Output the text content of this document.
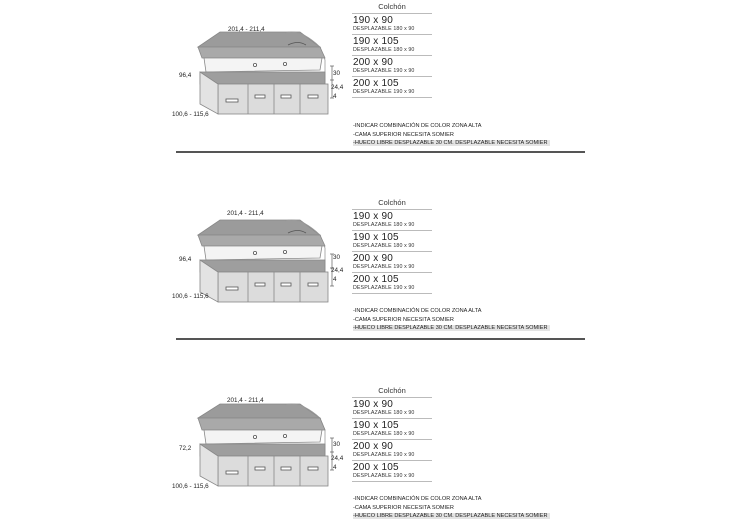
201,4 - 211,4
96,4
100,6 - 115,6
30
24,4
4
Colchón
190 x 90
DESPLAZABLE 180 x 90
190 x 105
DESPLAZABLE 180 x 90
200 x 90
DESPLAZABLE 190 x 90
200 x 105
DESPLAZABLE 190 x 90
-INDICAR COMBINACIÓN DE COLOR ZONA ALTA
-CAMA SUPERIOR NECESITA SOMIER
-HUECO LIBRE DESPLAZABLE 30 CM. DESPLAZABLE NECESITA SOMIER
201,4 - 211,4
96,4
100,6 - 115,6
30
24,4
4
Colchón
190 x 90
DESPLAZABLE 180 x 90
190 x 105
DESPLAZABLE 180 x 90
200 x 90
DESPLAZABLE 190 x 90
200 x 105
DESPLAZABLE 190 x 90
-INDICAR COMBINACIÓN DE COLOR ZONA ALTA
-CAMA SUPERIOR NECESITA SOMIER
-HUECO LIBRE DESPLAZABLE 30 CM. DESPLAZABLE NECESITA SOMIER
201,4 - 211,4
72,2
100,6 - 115,6
30
24,4
4
Colchón
190 x 90
DESPLAZABLE 180 x 90
190 x 105
DESPLAZABLE 180 x 90
200 x 90
DESPLAZABLE 190 x 90
200 x 105
DESPLAZABLE 190 x 90
-INDICAR COMBINACIÓN DE COLOR ZONA ALTA
-CAMA SUPERIOR NECESITA SOMIER
-HUECO LIBRE DESPLAZABLE 30 CM. DESPLAZABLE NECESITA SOMIER
